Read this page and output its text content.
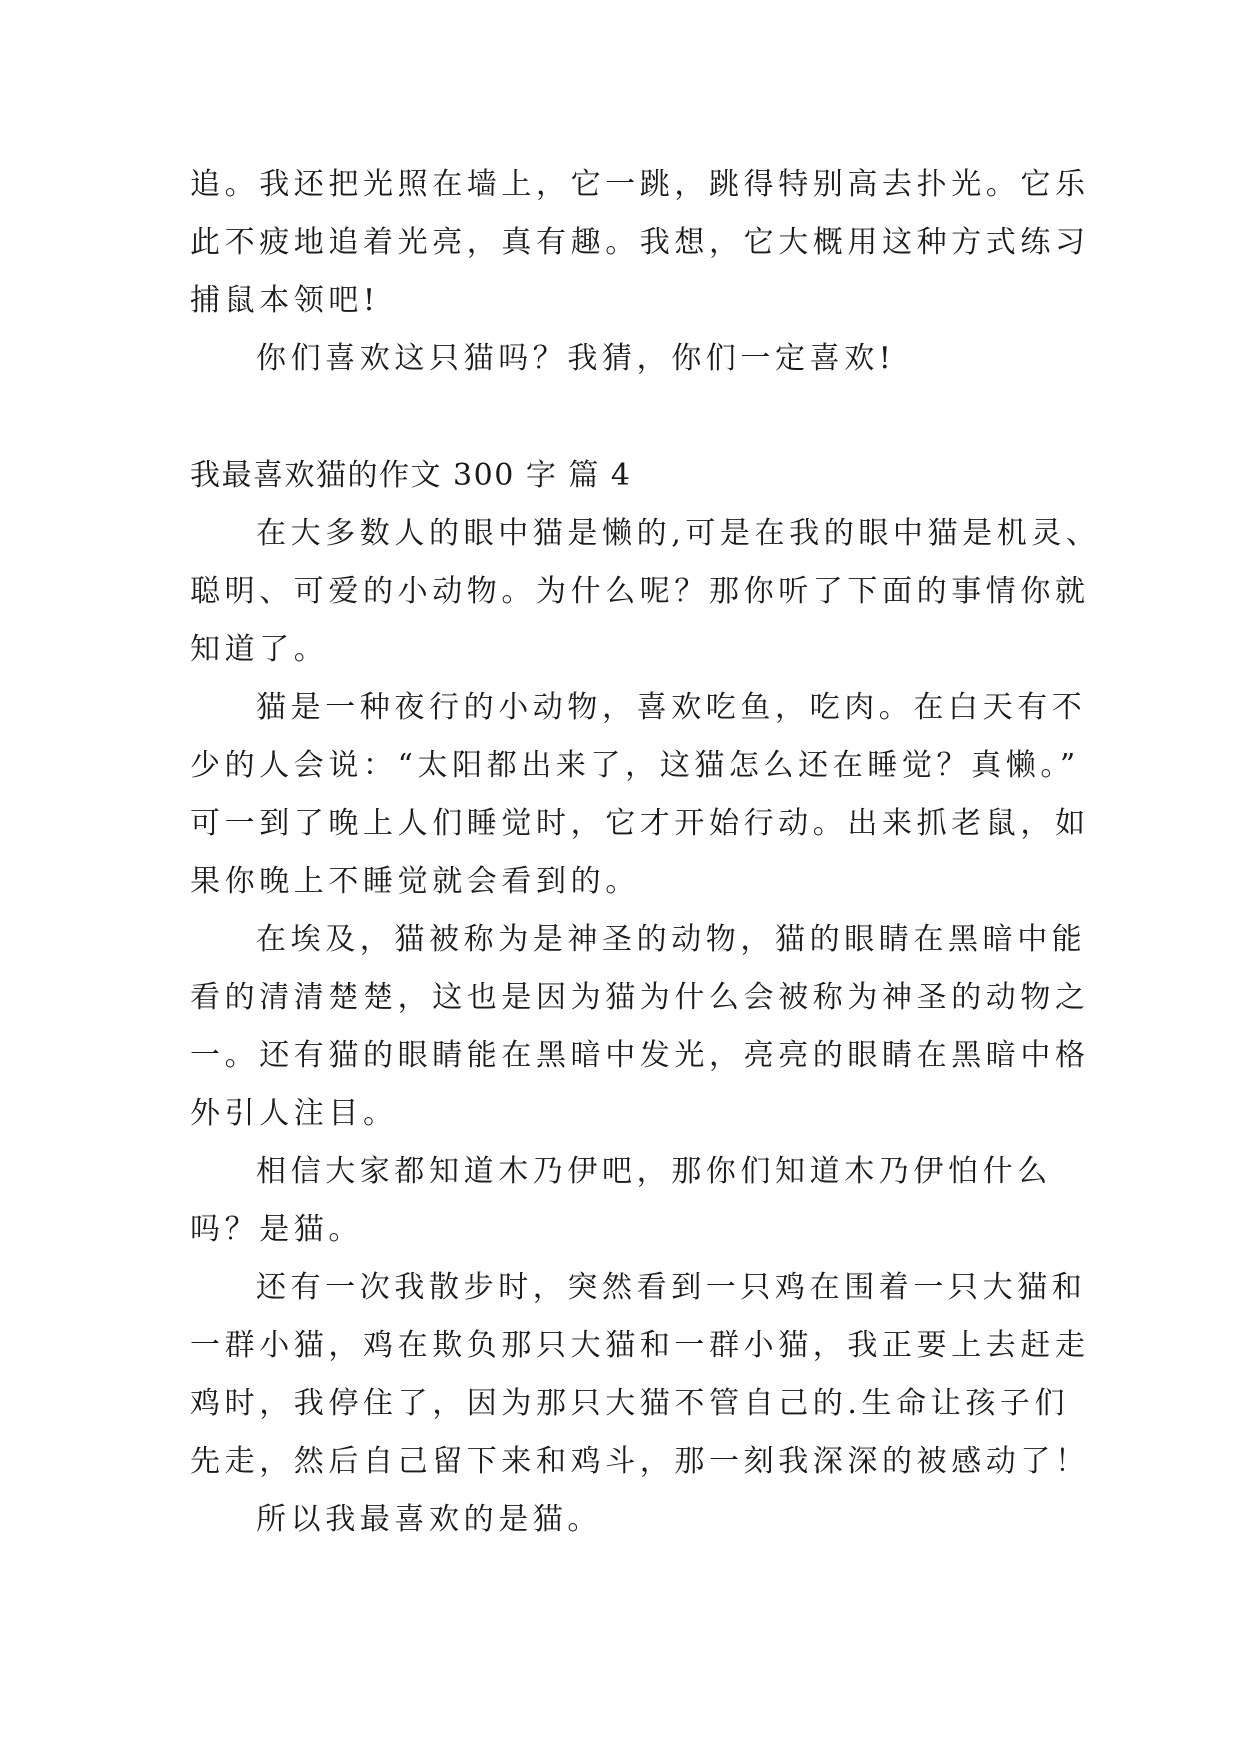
追。我还把光照在墙上，它一跳，跳得特别高去扑光。它乐
此不疲地追着光亮，真有趣。我想，它大概用这种方式练习
捕鼠本领吧!
你们喜欢这只猫吗？我猜，你们一定喜欢!
我最喜欢猫的作文 300 字 篇 4
在大多数人的眼中猫是懒的,可是在我的眼中猫是机灵、
聪明、可爱的小动物。为什么呢？那你听了下面的事情你就
知道了。
猫是一种夜行的小动物，喜欢吃鱼，吃肉。在白天有不
少的人会说：“太阳都出来了，这猫怎么还在睡觉？真懒。”
可一到了晚上人们睡觉时，它才开始行动。出来抓老鼠，如
果你晚上不睡觉就会看到的。
在埃及，猫被称为是神圣的动物，猫的眼睛在黑暗中能
看的清清楚楚，这也是因为猫为什么会被称为神圣的动物之
一。还有猫的眼睛能在黑暗中发光，亮亮的眼睛在黑暗中格
外引人注目。
相信大家都知道木乃伊吧，那你们知道木乃伊怕什么
吗？是猫。
还有一次我散步时，突然看到一只鸡在围着一只大猫和
一群小猫，鸡在欺负那只大猫和一群小猫，我正要上去赶走
鸡时，我停住了，因为那只大猫不管自己的.生命让孩子们
先走，然后自己留下来和鸡斗，那一刻我深深的被感动了！
所以我最喜欢的是猫。
